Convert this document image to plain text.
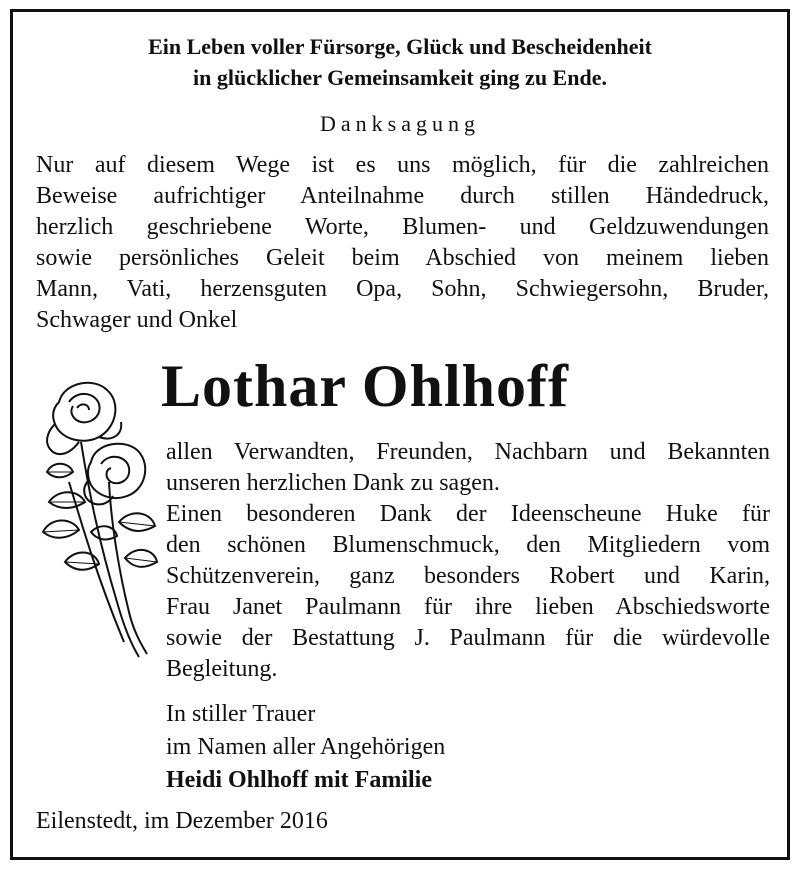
Ein Leben voller Fürsorge, Glück und Bescheidenheit
in glücklicher Gemeinsamkeit ging zu Ende.
Danksagung
Nur auf diesem Wege ist es uns möglich, für die zahlreichen
Beweise aufrichtiger Anteilnahme durch stillen Händedruck,
herzlich geschriebene Worte, Blumen- und Geldzuwendungen
sowie persönliches Geleit beim Abschied von meinem lieben
Mann, Vati, herzensguten Opa, Sohn, Schwiegersohn, Bruder,
Schwager und Onkel
Lothar Ohlhoff
allen Verwandten, Freunden, Nachbarn und Bekannten
unseren herzlichen Dank zu sagen.
Einen besonderen Dank der Ideenscheune Huke für
den schönen Blumenschmuck, den Mitgliedern vom
Schützenverein, ganz besonders Robert und Karin,
Frau Janet Paulmann für ihre lieben Abschiedsworte
sowie der Bestattung J. Paulmann für die würdevolle
Begleitung.
In stiller Trauer
im Namen aller Angehörigen
Heidi Ohlhoff mit Familie
Eilenstedt, im Dezember 2016
